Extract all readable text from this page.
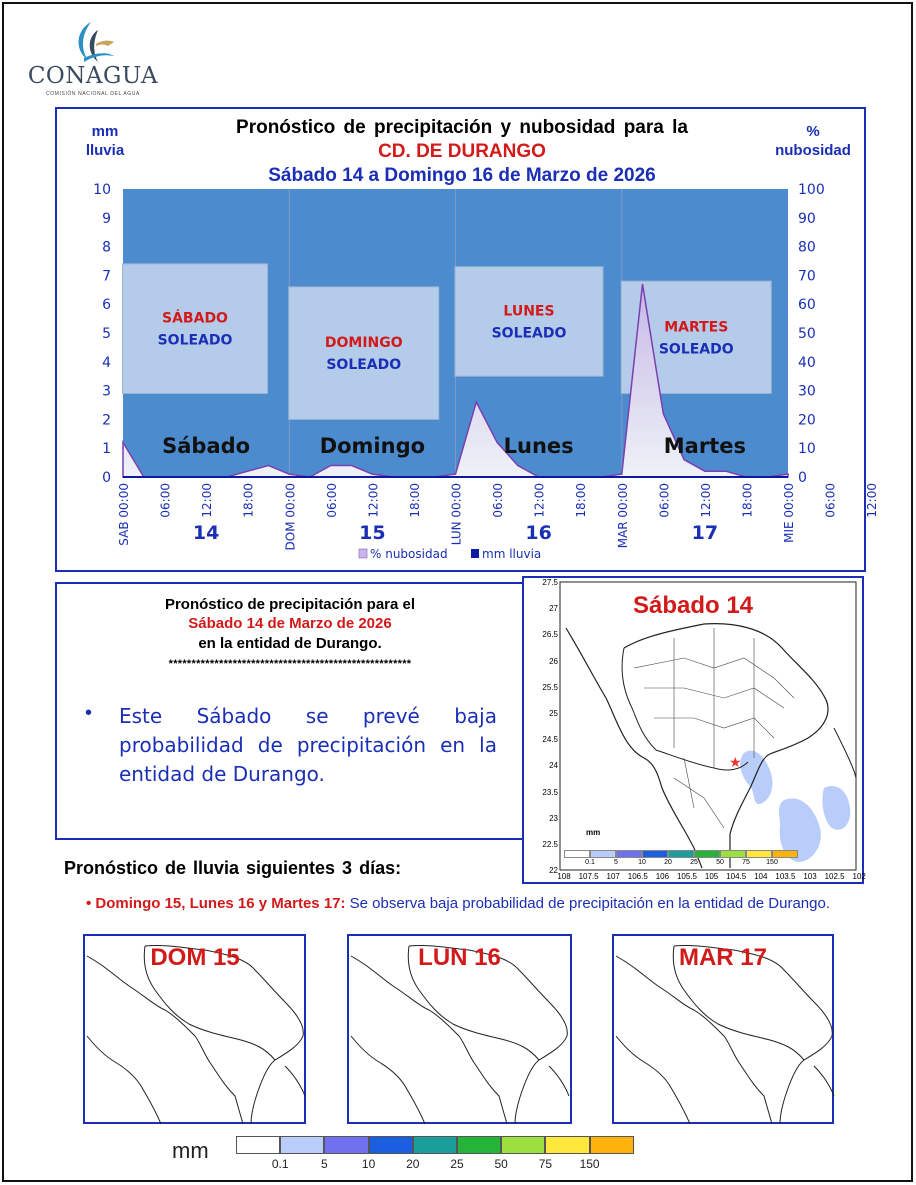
CONAGUA
COMISIÓN NACIONAL DEL AGUA
mm
lluvia
%
nubosidad
Pronóstico de precipitación y nubosidad para la
CD. DE DURANGO
Sábado 14 a Domingo 16 de Marzo de 2026
SÁBADO
SOLEADO	DOMINGO
SOLEADO
LUNES
SOLEADO	MARTES
SOLEADO
Sábado	Domingo	Lunes	Martes
0
1
2
3
4
5
6
7
8
9
10
0
10
20
30
40
50
60
70
80
90
100
SAB 00:00 06:00 12:00 18:00 DOM 00:00 06:00 12:00 18:00 LUN 00:00 06:00 12:00 18:00 MAR 00:00 06:00 12:00 18:00 MIE 00:00 06:00 12:00
14	15	16	17
% nubosidad	mm lluvia
Pronóstico de precipitación para el
Sábado 14 de Marzo de 2026
en la entidad de Durango.
*****************************************************
• Este Sábado se prevé baja probabilidad de precipitación en la entidad de Durango.	★
Sábado 14
27.5
27
26.5
26
25.5
25
24.5
24
23.5
23
22.5
22
108 107.5 107 106.5 106 105.5 105 104.5 104 103.5 103 102.5 102
mm
0.1	5	10	20	25	50	75	150
Pronóstico de lluvia siguientes 3 días:
• Domingo 15, Lunes 16 y Martes 17: Se observa baja probabilidad de precipitación en la entidad de Durango.
DOM 15	LUN 16	MAR 17
mm
0.1	5	10	20	25	50	75	150
